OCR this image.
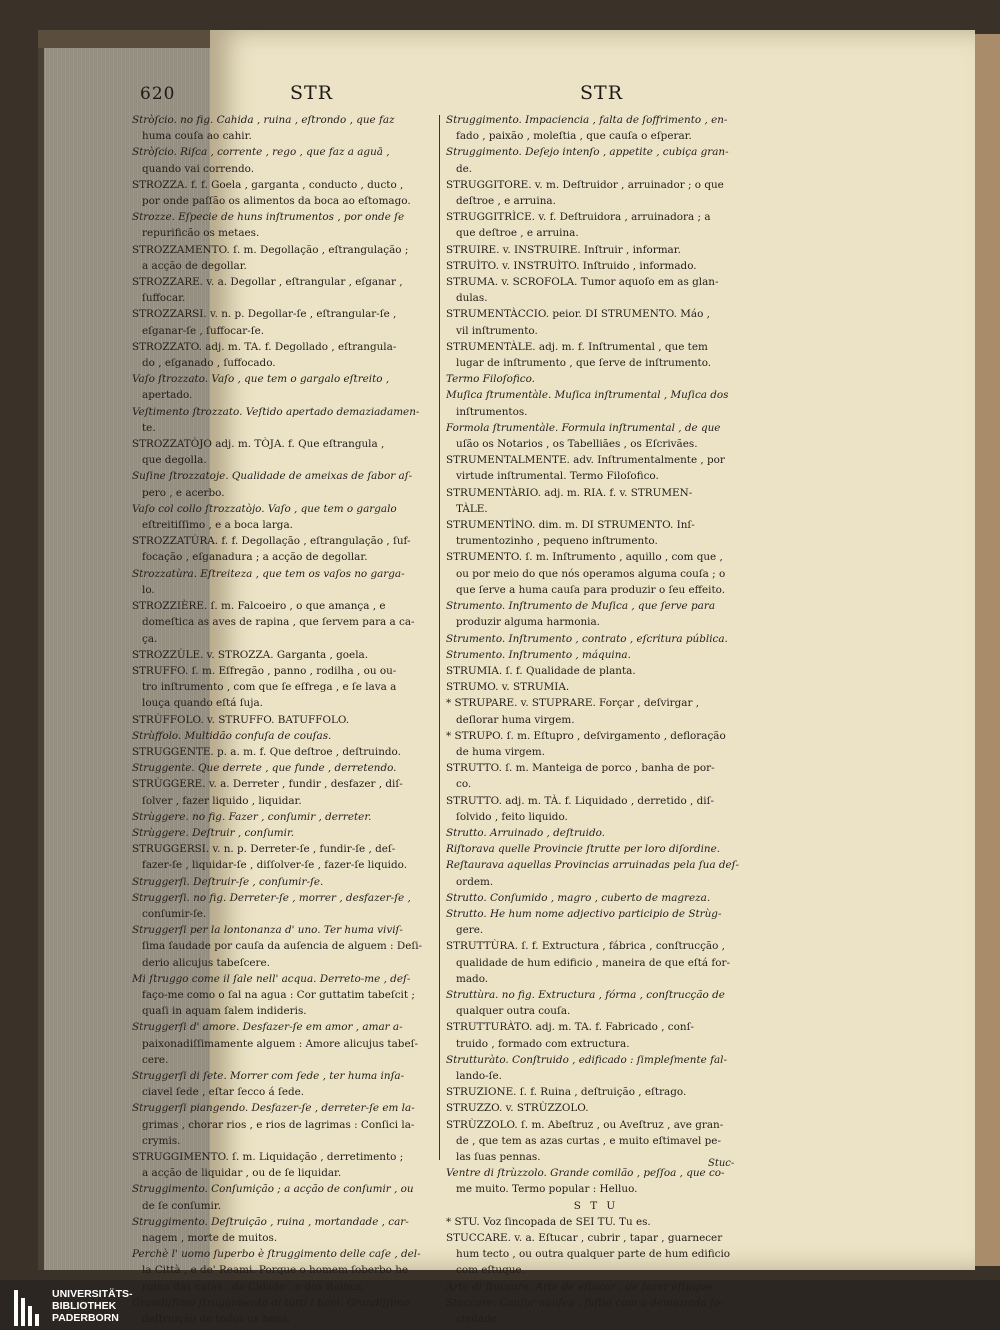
620	STR	STR
Stròſcio. no fig. Cahida , ruina , eſtrondo , que faz
huma couſa ao cahir.
Stròſcio. Riſca , corrente , rego , que faz a aguā ,
quando vai correndo.
STROZZA. f. f. Goela , garganta , conducto , ducto ,
por onde paſſão os alimentos da boca ao eſtomago.
Strozze. Eſpecie de huns inſtrumentos , por onde ſe
repurificão os metaes.
STROZZAMENTO. ſ. m. Degollação , eſtrangulação ;
a acção de degollar.
STROZZARE. v. a. Degollar , eſtrangular , eſganar ,
ſuffocar.
STROZZARSI. v. n. p. Degollar-ſe , eſtrangular-ſe ,
eſganar-ſe , ſuffocar-ſe.
STROZZATO. adj. m. TA. f. Degollado , eſtrangula-
do , eſganado , ſuffocado.
Vaſo ſtrozzato. Vaſo , que tem o gargalo eſtreito ,
apertado.
Veſtimento ſtrozzato. Veſtido apertado demaziadamen-
te.
STROZZATÒJO adj. m. TÒJA. f. Que eſtrangula ,
que degolla.
Suſine ſtrozzatoje. Qualidade de ameixas de ſabor aſ-
pero , e acerbo.
Vaſo col collo ſtrozzatòjo. Vaſo , que tem o gargalo
eſtreitiſſimo , e a boca larga.
STROZZATÙRA. f. f. Degollação , eſtrangulação , ſuf-
focação , eſganadura ; a acção de degollar.
Strozzatùra. Eſtreiteza , que tem os vaſos no garga-
lo.
STROZZIÈRE. ſ. m. Falcoeiro , o que amança , e
domeſtica as aves de rapina , que ſervem para a ca-
ça.
STROZZÙLE. v. STROZZA. Garganta , goela.
STRUFFO. ſ. m. Eſfregão , panno , rodilha , ou ou-
tro inſtrumento , com que ſe eſfrega , e ſe lava a
louça quando eſtá ſuja.
STRÙFFOLO. v. STRUFFO. BATUFFOLO.
Strùffolo. Multidão confuſa de couſas.
STRUGGENTE. p. a. m. f. Que deſtroe , deſtruindo.
Struggente. Que derrete , que funde , derretendo.
STRÙGGERE. v. a. Derreter , fundir , desfazer , diſ-
ſolver , fazer liquido , liquidar.
Strùggere. no fig. Fazer , conſumir , derreter.
Strùggere. Deſtruir , conſumir.
STRUGGERSI. v. n. p. Derreter-ſe , fundir-ſe , deſ-
fazer-ſe , liquidar-ſe , diſſolver-ſe , fazer-ſe liquido.
Struggerſi. Deſtruir-ſe , conſumir-ſe.
Struggerſi. no fig. Derreter-ſe , morrer , desfazer-ſe ,
conſumir-ſe.
Struggerſi per la lontonanza d' uno. Ter huma viviſ-
ſima ſaudade por cauſa da auſencia de alguem : Deſi-
derio alicujus tabeſcere.
Mi ſtruggo come il ſale nell' acqua. Derreto-me , deſ-
faço-me como o ſal na agua : Cor guttatim tabeſcit ;
quaſi in aquam ſalem indideris.
Struggerſi d' amore. Desfazer-ſe em amor , amar a-
paixonadiſſimamente alguem : Amore alicujus tabeſ-
cere.
Struggerſi di ſete. Morrer com ſede , ter huma inſa-
ciavel ſede , eſtar ſecco á ſede.
Struggerſi piangendo. Desfazer-ſe , derreter-ſe em la-
grimas , chorar rios , e rios de lagrimas : Conſici la-
crymis.
STRUGGIMENTO. ſ. m. Liquidação , derretimento ;
a acção de liquidar , ou de ſe liquidar.
Struggimento. Conſumição ; a acção de conſumir , ou
de ſe conſumir.
Struggimento. Deſtruição , ruina , mortandade , car-
nagem , morte de muitos.
Perchè l' uomo ſuperbo è ſtruggimento delle caſe , del-
la Città , e de' Reami. Porque o homem ſoberbo he
ruina das caſas , da Cidade , e dos Reinos.
Grandiſſimo ſtruggimento di tutti i beni. Grandiſſima
deſtruição de todos os bens.
Struggimento. Impaciencia , falta de ſoffrimento , en-
fado , paixão , moleſtia , que cauſa o eſperar.
Struggimento. Deſejo intenſo , appetite , cubiça gran-
de.
STRUGGITORE. v. m. Deſtruidor , arruinador ; o que
deſtroe , e arruina.
STRUGGITRÌCE. v. f. Deſtruidora , arruinadora ; a
que deſtroe , e arruina.
STRUIRE. v. INSTRUIRE. Inſtruir , informar.
STRUÌTO. v. INSTRUÌTO. Inſtruido , informado.
STRUMA. v. SCROFOLA. Tumor aquoſo em as glan-
dulas.
STRUMENTÀCCIO. peior. DI STRUMENTO. Máo ,
vil inſtrumento.
STRUMENTÀLE. adj. m. f. Inſtrumental , que tem
lugar de inſtrumento , que ſerve de inſtrumento.
Termo Filoſofico.
Muſica ſtrumentàle. Muſica inſtrumental , Muſica dos
inſtrumentos.
Formola ſtrumentàle. Formula inſtrumental , de que
uſão os Notarios , os Tabelliães , os Eſcrivães.
STRUMENTALMENTE. adv. Inſtrumentalmente , por
virtude inſtrumental. Termo Filoſofico.
STRUMENTÀRIO. adj. m. RIA. f. v. STRUMEN-
TÀLE.
STRUMENTÌNO. dim. m. DI STRUMENTO. Inſ-
trumentozinho , pequeno inſtrumento.
STRUMENTO. ſ. m. Inſtrumento , aquillo , com que ,
ou por meio do que nós operamos alguma couſa ; o
que ſerve a huma cauſa para produzir o ſeu effeito.
Strumento. Inſtrumento de Muſica , que ſerve para
produzir alguma harmonia.
Strumento. Inſtrumento , contrato , eſcritura pública.
Strumento. Inſtrumento , máquina.
STRUMIA. ſ. f. Qualidade de planta.
STRUMO. v. STRUMIA.
* STRUPARE. v. STUPRARE. Forçar , deſvirgar ,
deſlorar huma virgem.
* STRUPO. ſ. m. Eſtupro , deſvirgamento , defloração
de huma virgem.
STRUTTO. ſ. m. Manteiga de porco , banha de por-
co.
STRUTTO. adj. m. TÀ. f. Liquidado , derretido , diſ-
ſolvido , feito liquido.
Strutto. Arruinado , deſtruido.
Riſtorava quelle Provincie ſtrutte per loro diſordine.
Reſtaurava aquellas Provincias arruinadas pela ſua deſ-
ordem.
Strutto. Conſumido , magro , cuberto de magreza.
Strutto. He hum nome adjectivo participio de Strùg-
gere.
STRUTTÙRA. ſ. f. Extructura , fábrica , conſtrucção ,
qualidade de hum edificio , maneira de que eſtá for-
mado.
Struttùra. no fig. Extructura , fórma , conſtrucção de
qualquer outra couſa.
STRUTTURÀTO. adj. m. TA. f. Fabricado , conſ-
truido , formado com extructura.
Strutturàto. Conſtruido , edificado : ſimpleſmente fal-
lando-ſe.
STRUZIONE. ſ. f. Ruina , deſtruição , eſtrago.
STRUZZO. v. STRÙZZOLO.
STRÙZZOLO. ſ. m. Abeſtruz , ou Aveſtruz , ave gran-
de , que tem as azas curtas , e muito eſtimavel pe-
las ſuas pennas.
Ventre di ſtrùzzolo. Grande comilão , peſſoa , que co-
me muito. Termo popular : Helluo.
S T U
* STU. Voz ſincopada de SEI TU. Tu es.
STUCCARE. v. a. Eſtucar , cubrir , tapar , guarnecer
hum tecto , ou outra qualquer parte de hum edificio
com eſtuque.
Arte di ſtuccare. Arte de eſtucar , de fazer eſtuque.
Stuccare. Cauſar nauſea , faſtio com a demaziada ſo-
ciedade.
Stuc-
UNIVERSITÄTS-
BIBLIOTHEK
PADERBORN
